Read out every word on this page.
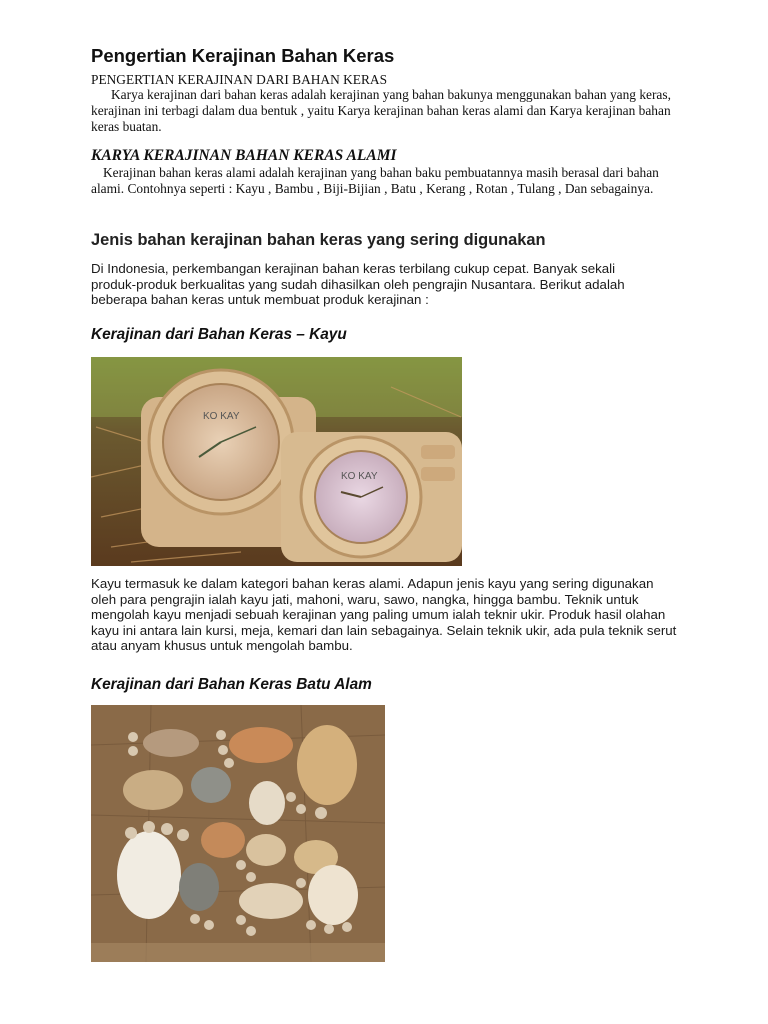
Pengertian Kerajinan Bahan Keras

PENGERTIAN KERAJINAN DARI BAHAN KERAS

Karya kerajinan dari bahan keras adalah kerajinan yang bahan bakunya menggunakan bahan yang keras, kerajinan ini terbagi dalam dua bentuk , yaitu Karya kerajinan bahan keras alami dan Karya kerajinan bahan keras buatan.

KARYA KERAJINAN BAHAN KERAS ALAMI

Kerajinan bahan keras alami adalah kerajinan yang bahan baku pembuatannya masih berasal dari bahan alami. Contohnya seperti : Kayu , Bambu , Biji-Bijian , Batu , Kerang , Rotan , Tulang , Dan sebagainya.

Jenis bahan kerajinan bahan keras yang sering digunakan

Di Indonesia, perkembangan kerajinan bahan keras terbilang cukup cepat. Banyak sekali produk-produk berkualitas yang sudah dihasilkan oleh pengrajin Nusantara. Berikut adalah beberapa bahan keras untuk membuat produk kerajinan :

Kerajinan dari Bahan Keras – Kayu
KO KAY
KO KAY

Kayu termasuk ke dalam kategori bahan keras alami. Adapun jenis kayu yang sering digunakan oleh para pengrajin ialah kayu jati, mahoni, waru, sawo, nangka, hingga bambu. Teknik untuk mengolah kayu menjadi sebuah kerajinan yang paling umum ialah teknir ukir. Produk hasil olahan kayu ini antara lain kursi, meja, kemari dan lain sebagainya. Selain teknik ukir, ada pula teknik serut atau anyam khusus untuk mengolah bambu.

Kerajinan dari Bahan Keras Batu Alam
